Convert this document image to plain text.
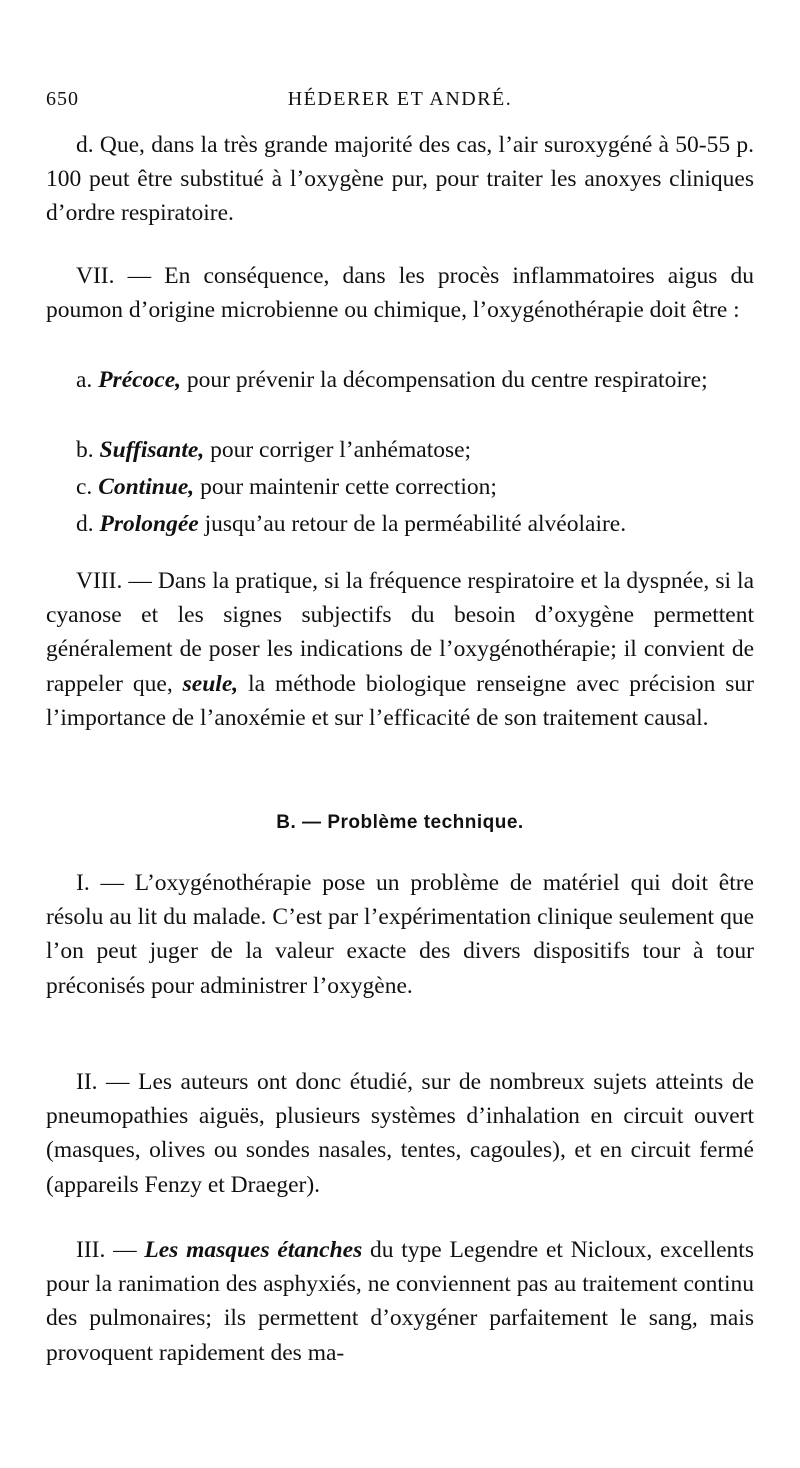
650	HÉDERER ET ANDRÉ.

d. Que, dans la très grande majorité des cas, l’air suroxygéné à 50-55 p. 100 peut être substitué à l’oxygène pur, pour traiter les anoxyes cliniques d’ordre respiratoire.

VII. — En conséquence, dans les procès inflammatoires aigus du poumon d’origine microbienne ou chimique, l’oxygénothérapie doit être :

a. Précoce, pour prévenir la décompensation du centre respiratoire;

b. Suffisante, pour corriger l’anhématose;

c. Continue, pour maintenir cette correction;

d. Prolongée jusqu’au retour de la perméabilité alvéolaire.

VIII. — Dans la pratique, si la fréquence respiratoire et la dyspnée, si la cyanose et les signes subjectifs du besoin d’oxygène permettent généralement de poser les indications de l’oxygénothérapie; il convient de rappeler que, seule, la méthode biologique renseigne avec précision sur l’importance de l’anoxémie et sur l’efficacité de son traitement causal.

B. — Problème technique.

I. — L’oxygénothérapie pose un problème de matériel qui doit être résolu au lit du malade. C’est par l’expérimentation clinique seulement que l’on peut juger de la valeur exacte des divers dispositifs tour à tour préconisés pour administrer l’oxygène.

II. — Les auteurs ont donc étudié, sur de nombreux sujets atteints de pneumopathies aiguës, plusieurs systèmes d’inhalation en circuit ouvert (masques, olives ou sondes nasales, tentes, cagoules), et en circuit fermé (appareils Fenzy et Draeger).

III. — Les masques étanches du type Legendre et Nicloux, excellents pour la ranimation des asphyxiés, ne conviennent pas au traitement continu des pulmonaires; ils permettent d’oxygéner parfaitement le sang, mais provoquent rapidement des ma-
